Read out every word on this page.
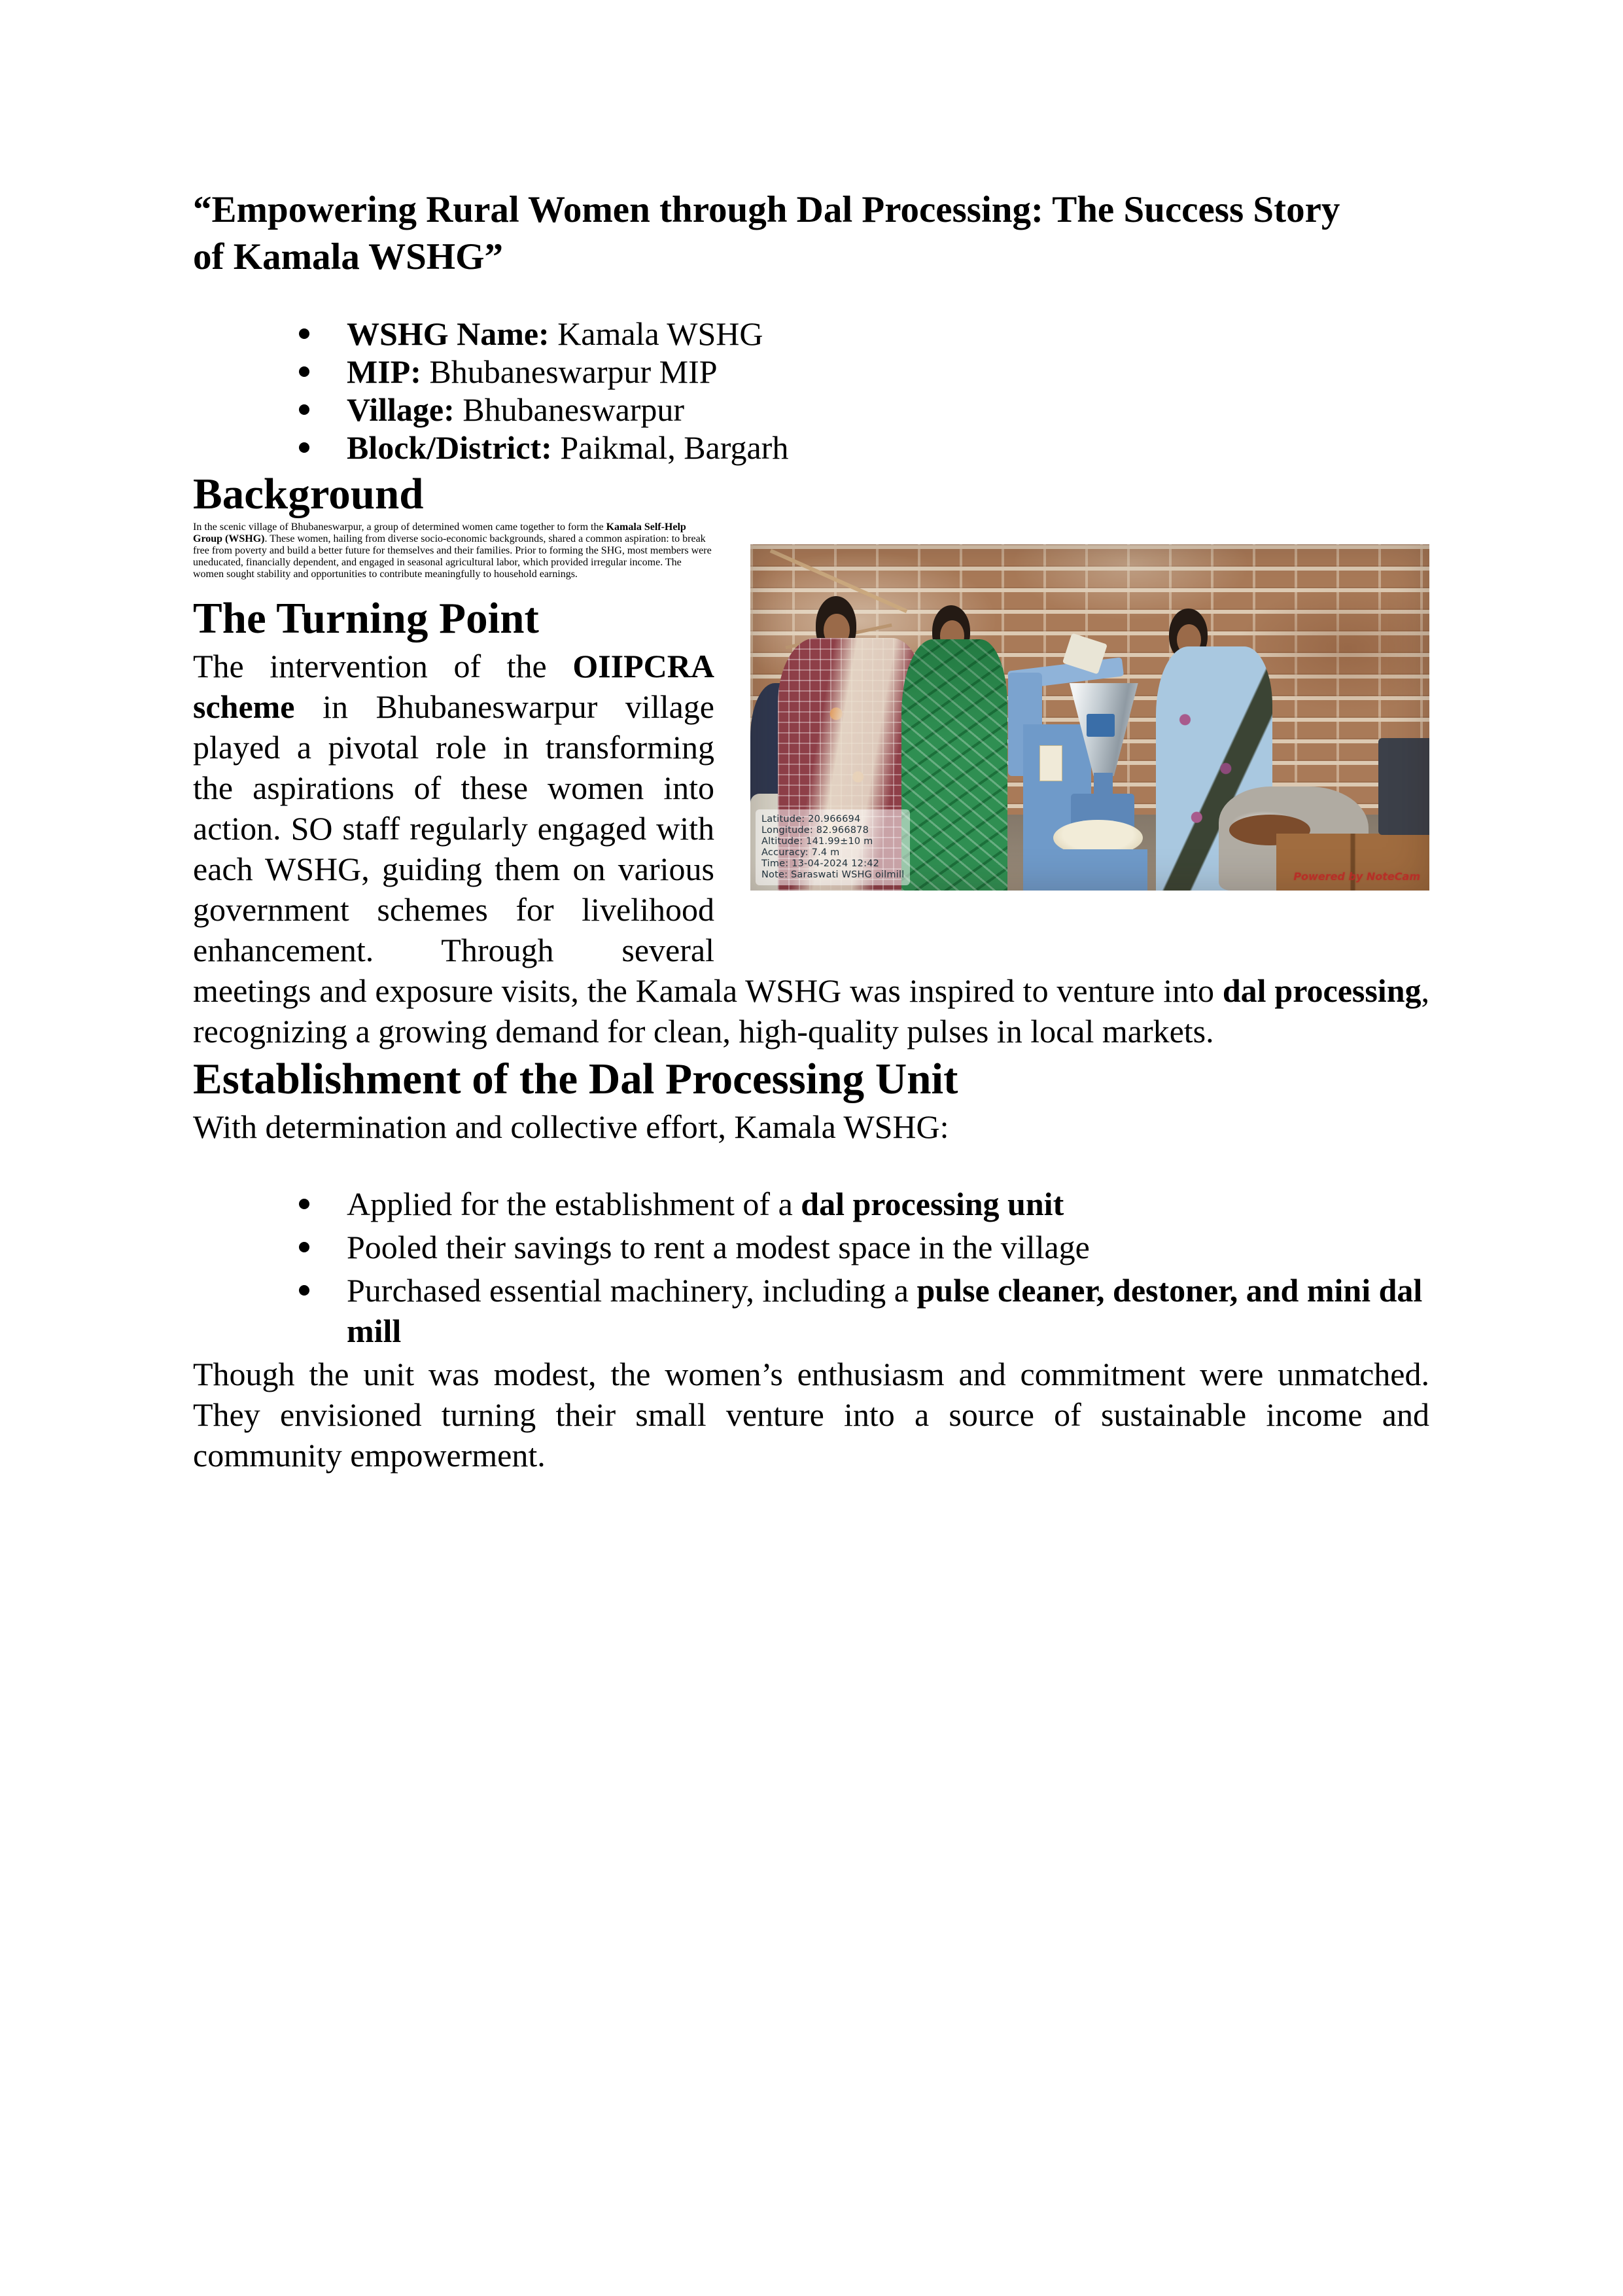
“Empowering Rural Women through Dal Processing: The Success Story of Kamala WSHG”
WSHG Name: Kamala WSHG
MIP: Bhubaneswarpur MIP
Village: Bhubaneswarpur
Block/District: Paikmal, Bargarh
Background

Latitude: 20.966694
Longitude: 82.966878
Altitude: 141.99±10 m
Accuracy: 7.4 m
Time: 13-04-2024 12:42
Note: Saraswati WSHG oilmill	Powered by NoteCam
In the scenic village of Bhubaneswarpur, a group of determined women came together to form the Kamala Self-Help Group (WSHG). These women, hailing from diverse socio-economic backgrounds, shared a common aspiration: to break free from poverty and build a better future for themselves and their families. Prior to forming the SHG, most members were uneducated, financially dependent, and engaged in seasonal agricultural labor, which provided irregular income. The women sought stability and opportunities to contribute meaningfully to household earnings.

The Turning Point

The intervention of the OIIPCRA scheme in Bhubaneswarpur village played a pivotal role in transforming the aspirations of these women into action. SO staff regularly engaged with each WSHG, guiding them on various government schemes for livelihood enhancement. Through several meetings and exposure visits, the Kamala WSHG was inspired to venture into dal processing, recognizing a growing demand for clean, high-quality pulses in local markets.

Establishment of the Dal Processing Unit

With determination and collective effort, Kamala WSHG:

Applied for the establishment of a dal processing unit
Pooled their savings to rent a modest space in the village
Purchased essential machinery, including a pulse cleaner, destoner, and mini dal mill

Though the unit was modest, the women’s enthusiasm and commitment were unmatched. They envisioned turning their small venture into a source of sustainable income and community empowerment.
